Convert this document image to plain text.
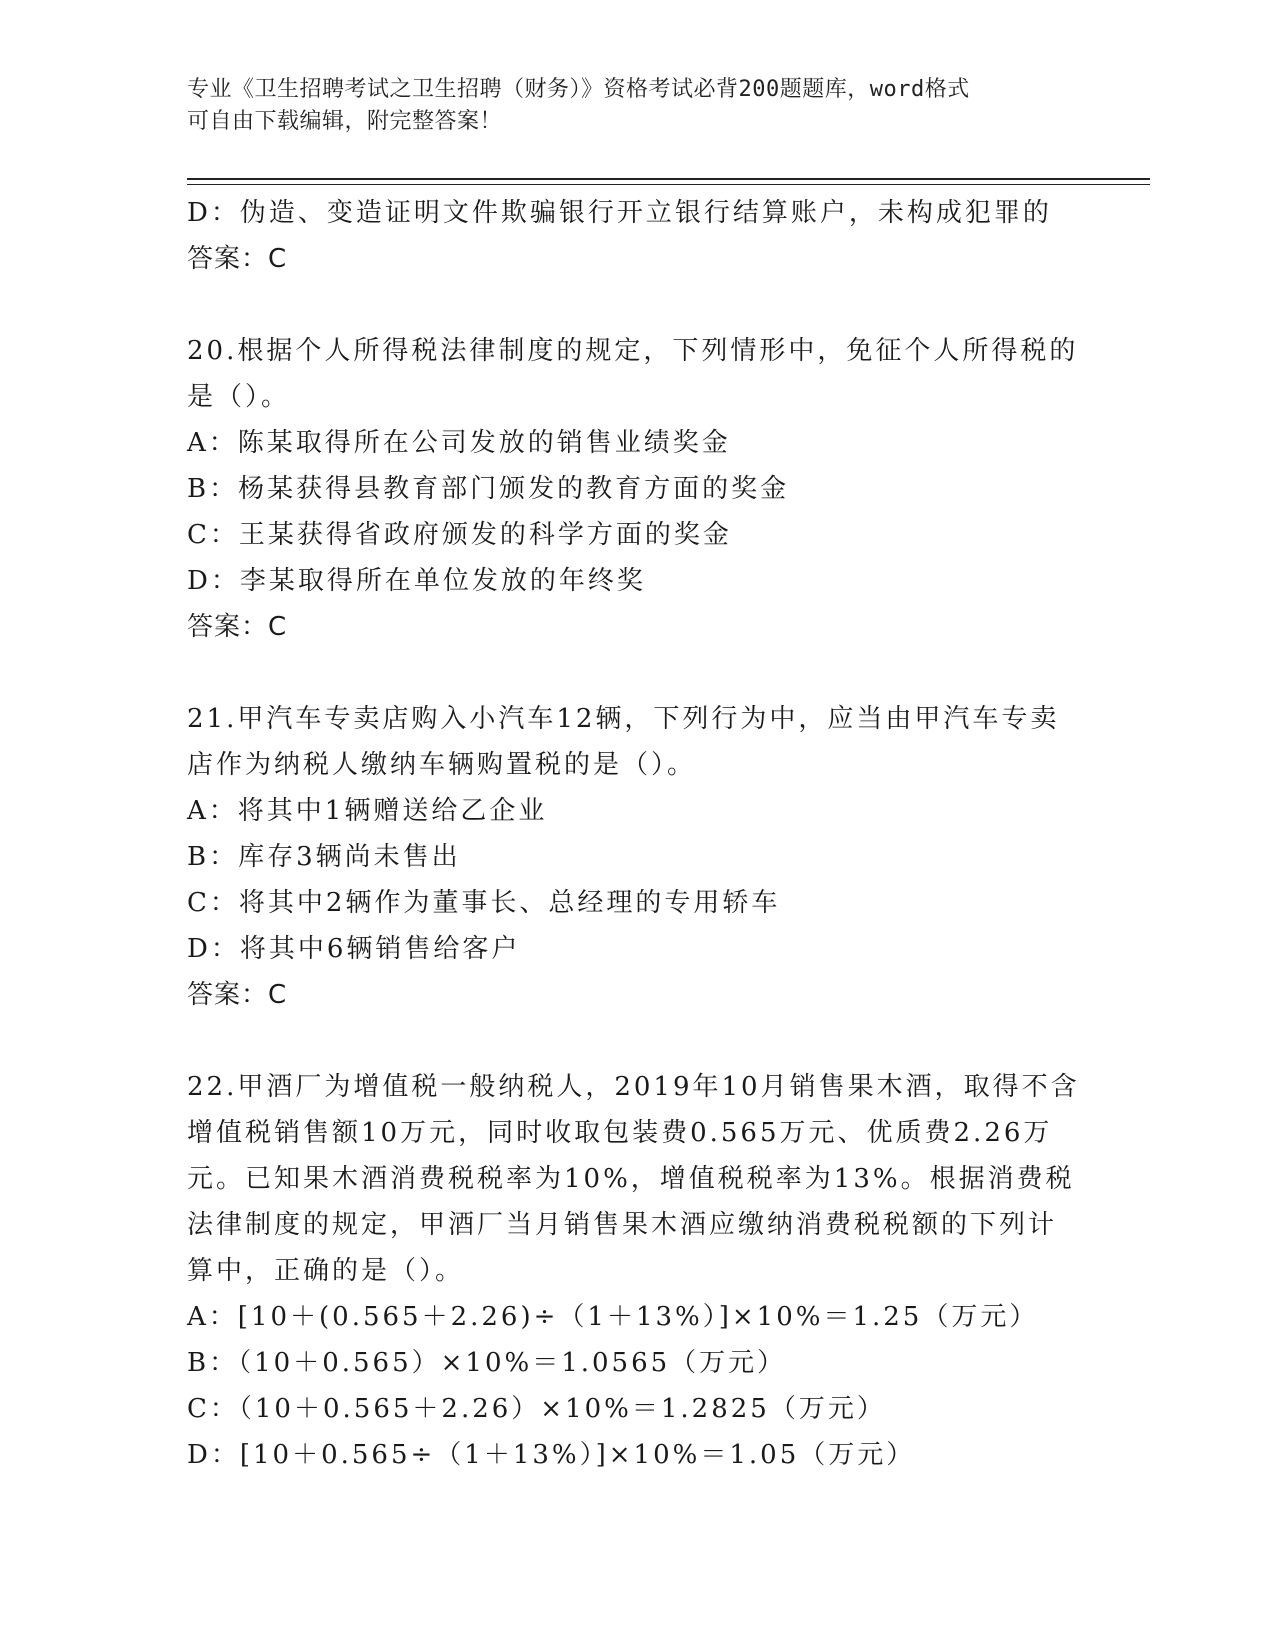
专业《卫生招聘考试之卫生招聘（财务）》资格考试必背200题题库，word格式
可自由下载编辑，附完整答案！
D：伪造、变造证明文件欺骗银行开立银行结算账户，未构成犯罪的
答案：C
20.根据个人所得税法律制度的规定，下列情形中，免征个人所得税的
是（）。
A：陈某取得所在公司发放的销售业绩奖金
B：杨某获得县教育部门颁发的教育方面的奖金
C：王某获得省政府颁发的科学方面的奖金
D：李某取得所在单位发放的年终奖
答案：C
21.甲汽车专卖店购入小汽车12辆，下列行为中，应当由甲汽车专卖
店作为纳税人缴纳车辆购置税的是（）。
A：将其中1辆赠送给乙企业
B：库存3辆尚未售出
C：将其中2辆作为董事长、总经理的专用轿车
D：将其中6辆销售给客户
答案：C
22.甲酒厂为增值税一般纳税人，2019年10月销售果木酒，取得不含
增值税销售额10万元，同时收取包装费0.565万元、优质费2.26万
元。已知果木酒消费税税率为10%，增值税税率为13%。根据消费税
法律制度的规定，甲酒厂当月销售果木酒应缴纳消费税税额的下列计
算中，正确的是（）。
A：[10＋(0.565＋2.26)÷（1＋13%）]×10%＝1.25（万元）
B：（10＋0.565）×10%＝1.0565（万元）
C：（10＋0.565＋2.26）×10%＝1.2825（万元）
D：[10＋0.565÷（1＋13%）]×10%＝1.05（万元）
